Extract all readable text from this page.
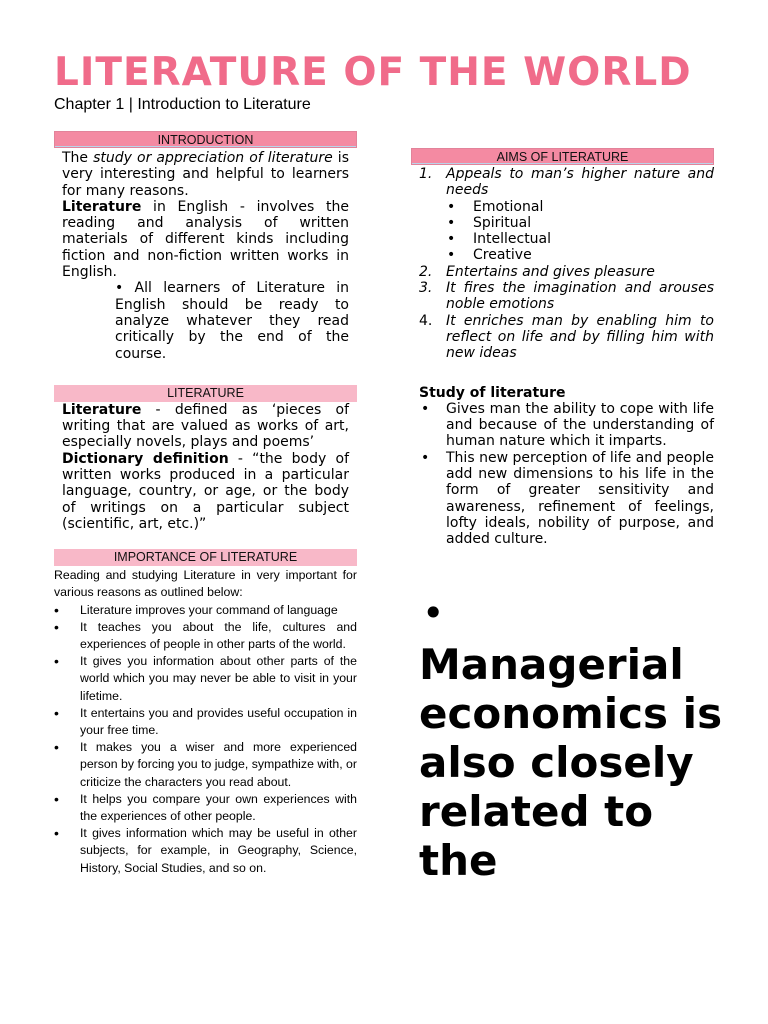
LITERATURE OF THE WORLD
Chapter 1 | Introduction to Literature
INTRODUCTION

The study or appreciation of literature is very interesting and helpful to learners for many reasons.

Literature in English - involves the reading and analysis of written materials of different kinds including fiction and non-fiction written works in English.

• All learners of Literature in English should be ready to analyze whatever they read critically by the end of the course.

LITERATURE

Literature - defined as ‘pieces of writing that are valued as works of art, especially novels, plays and poems’

Dictionary definition - “the body of written works produced in a particular language, country, or age, or the body of writings on a particular subject (scientific, art, etc.)”

IMPORTANCE OF LITERATURE

Reading and studying Literature in very important for various reasons as outlined below:

• Literature improves your command of language
• It teaches you about the life, cultures and experiences of people in other parts of the world.
• It gives you information about other parts of the world which you may never be able to visit in your lifetime.
• It entertains you and provides useful occupation in your free time.
• It makes you a wiser and more experienced person by forcing you to judge, sympathize with, or criticize the characters you read about.
• It helps you compare your own experiences with the experiences of other people.
• It gives information which may be useful in other subjects, for example, in Geography, Science, History, Social Studies, and so on.
AIMS OF LITERATURE
1. Appeals to man’s higher nature and needs
• Emotional
• Spiritual
• Intellectual
• Creative
2. Entertains and gives pleasure
3. It fires the imagination and arouses noble emotions
4. It enriches man by enabling him to reflect on life and by filling him with new ideas

Study of literature

• Gives man the ability to cope with life and because of the understanding of human nature which it imparts.
• This new perception of life and people add new dimensions to his life in the form of greater sensitivity and awareness, refinement of feelings, lofty ideals, nobility of purpose, and added culture.
•
Managerial economics is also closely related to the
